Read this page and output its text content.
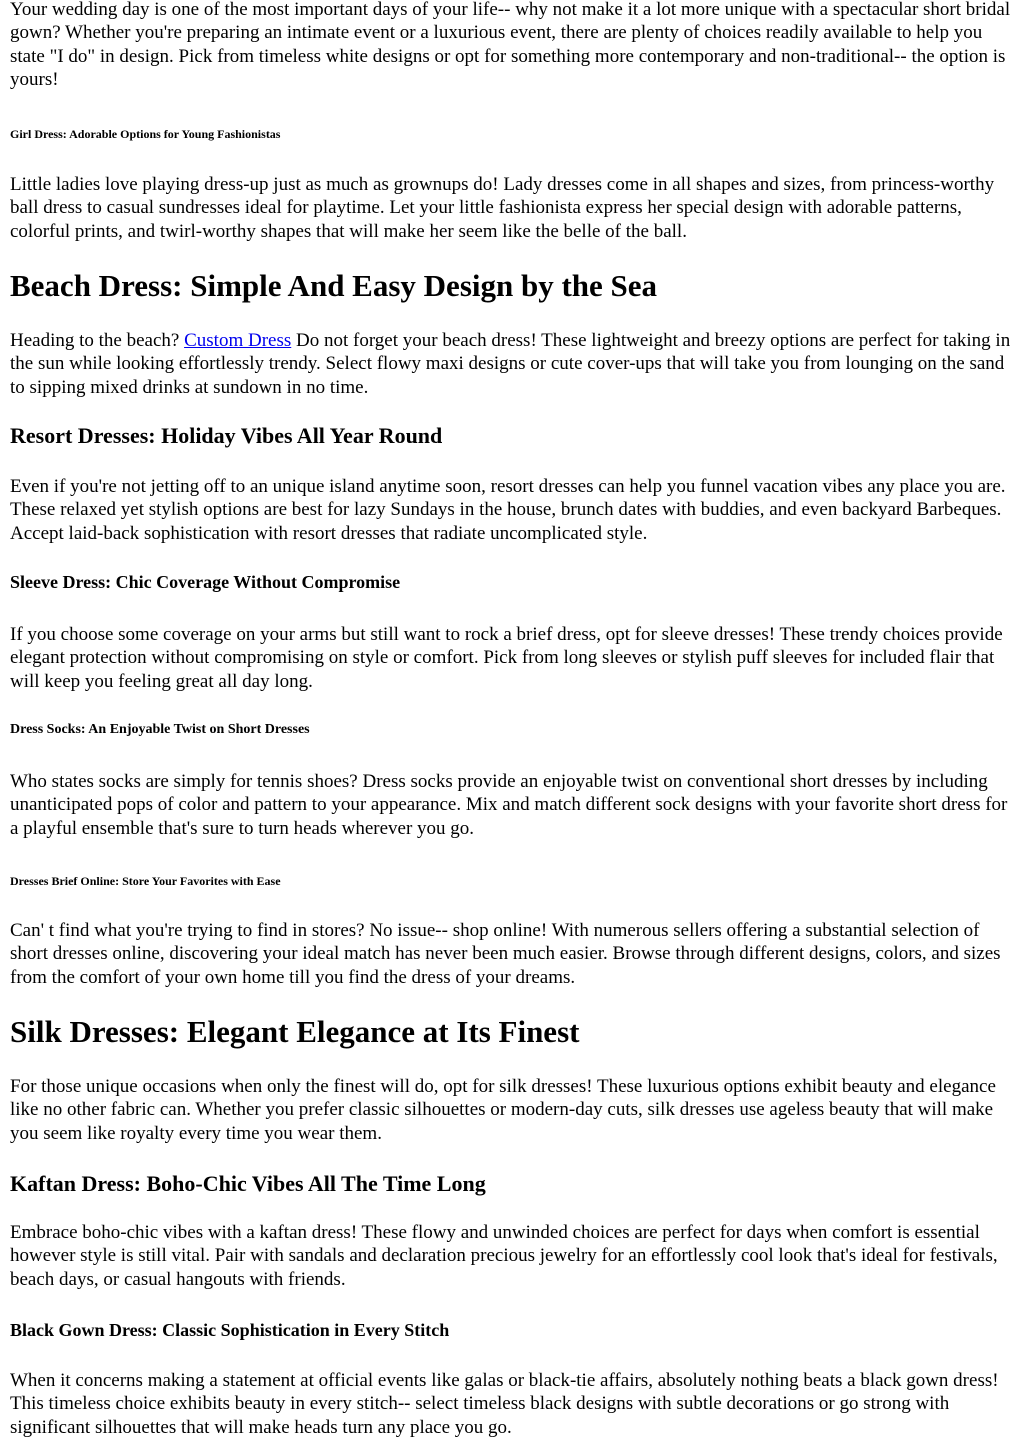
Your wedding day is one of the most important days of your life-- why not make it a lot more unique with a spectacular short bridal gown? Whether you're preparing an intimate event or a luxurious event, there are plenty of choices readily available to help you state "I do" in design. Pick from timeless white designs or opt for something more contemporary and non-traditional-- the option is yours!

Girl Dress: Adorable Options for Young Fashionistas

Little ladies love playing dress-up just as much as grownups do! Lady dresses come in all shapes and sizes, from princess-worthy ball dress to casual sundresses ideal for playtime. Let your little fashionista express her special design with adorable patterns, colorful prints, and twirl-worthy shapes that will make her seem like the belle of the ball.

Beach Dress: Simple And Easy Design by the Sea

Heading to the beach? Custom Dress Do not forget your beach dress! These lightweight and breezy options are perfect for taking in the sun while looking effortlessly trendy. Select flowy maxi designs or cute cover-ups that will take you from lounging on the sand to sipping mixed drinks at sundown in no time.

Resort Dresses: Holiday Vibes All Year Round

Even if you're not jetting off to an unique island anytime soon, resort dresses can help you funnel vacation vibes any place you are. These relaxed yet stylish options are best for lazy Sundays in the house, brunch dates with buddies, and even backyard Barbeques. Accept laid-back sophistication with resort dresses that radiate uncomplicated style.

Sleeve Dress: Chic Coverage Without Compromise

If you choose some coverage on your arms but still want to rock a brief dress, opt for sleeve dresses! These trendy choices provide elegant protection without compromising on style or comfort. Pick from long sleeves or stylish puff sleeves for included flair that will keep you feeling great all day long.

Dress Socks: An Enjoyable Twist on Short Dresses

Who states socks are simply for tennis shoes? Dress socks provide an enjoyable twist on conventional short dresses by including unanticipated pops of color and pattern to your appearance. Mix and match different sock designs with your favorite short dress for a playful ensemble that's sure to turn heads wherever you go.

Dresses Brief Online: Store Your Favorites with Ease

Can' t find what you're trying to find in stores? No issue-- shop online! With numerous sellers offering a substantial selection of short dresses online, discovering your ideal match has never been much easier. Browse through different designs, colors, and sizes from the comfort of your own home till you find the dress of your dreams.

Silk Dresses: Elegant Elegance at Its Finest

For those unique occasions when only the finest will do, opt for silk dresses! These luxurious options exhibit beauty and elegance like no other fabric can. Whether you prefer classic silhouettes or modern-day cuts, silk dresses use ageless beauty that will make you seem like royalty every time you wear them.

Kaftan Dress: Boho-Chic Vibes All The Time Long

Embrace boho-chic vibes with a kaftan dress! These flowy and unwinded choices are perfect for days when comfort is essential however style is still vital. Pair with sandals and declaration precious jewelry for an effortlessly cool look that's ideal for festivals, beach days, or casual hangouts with friends.

Black Gown Dress: Classic Sophistication in Every Stitch

When it concerns making a statement at official events like galas or black-tie affairs, absolutely nothing beats a black gown dress! This timeless choice exhibits beauty in every stitch-- select timeless black designs with subtle decorations or go strong with significant silhouettes that will make heads turn any place you go.
